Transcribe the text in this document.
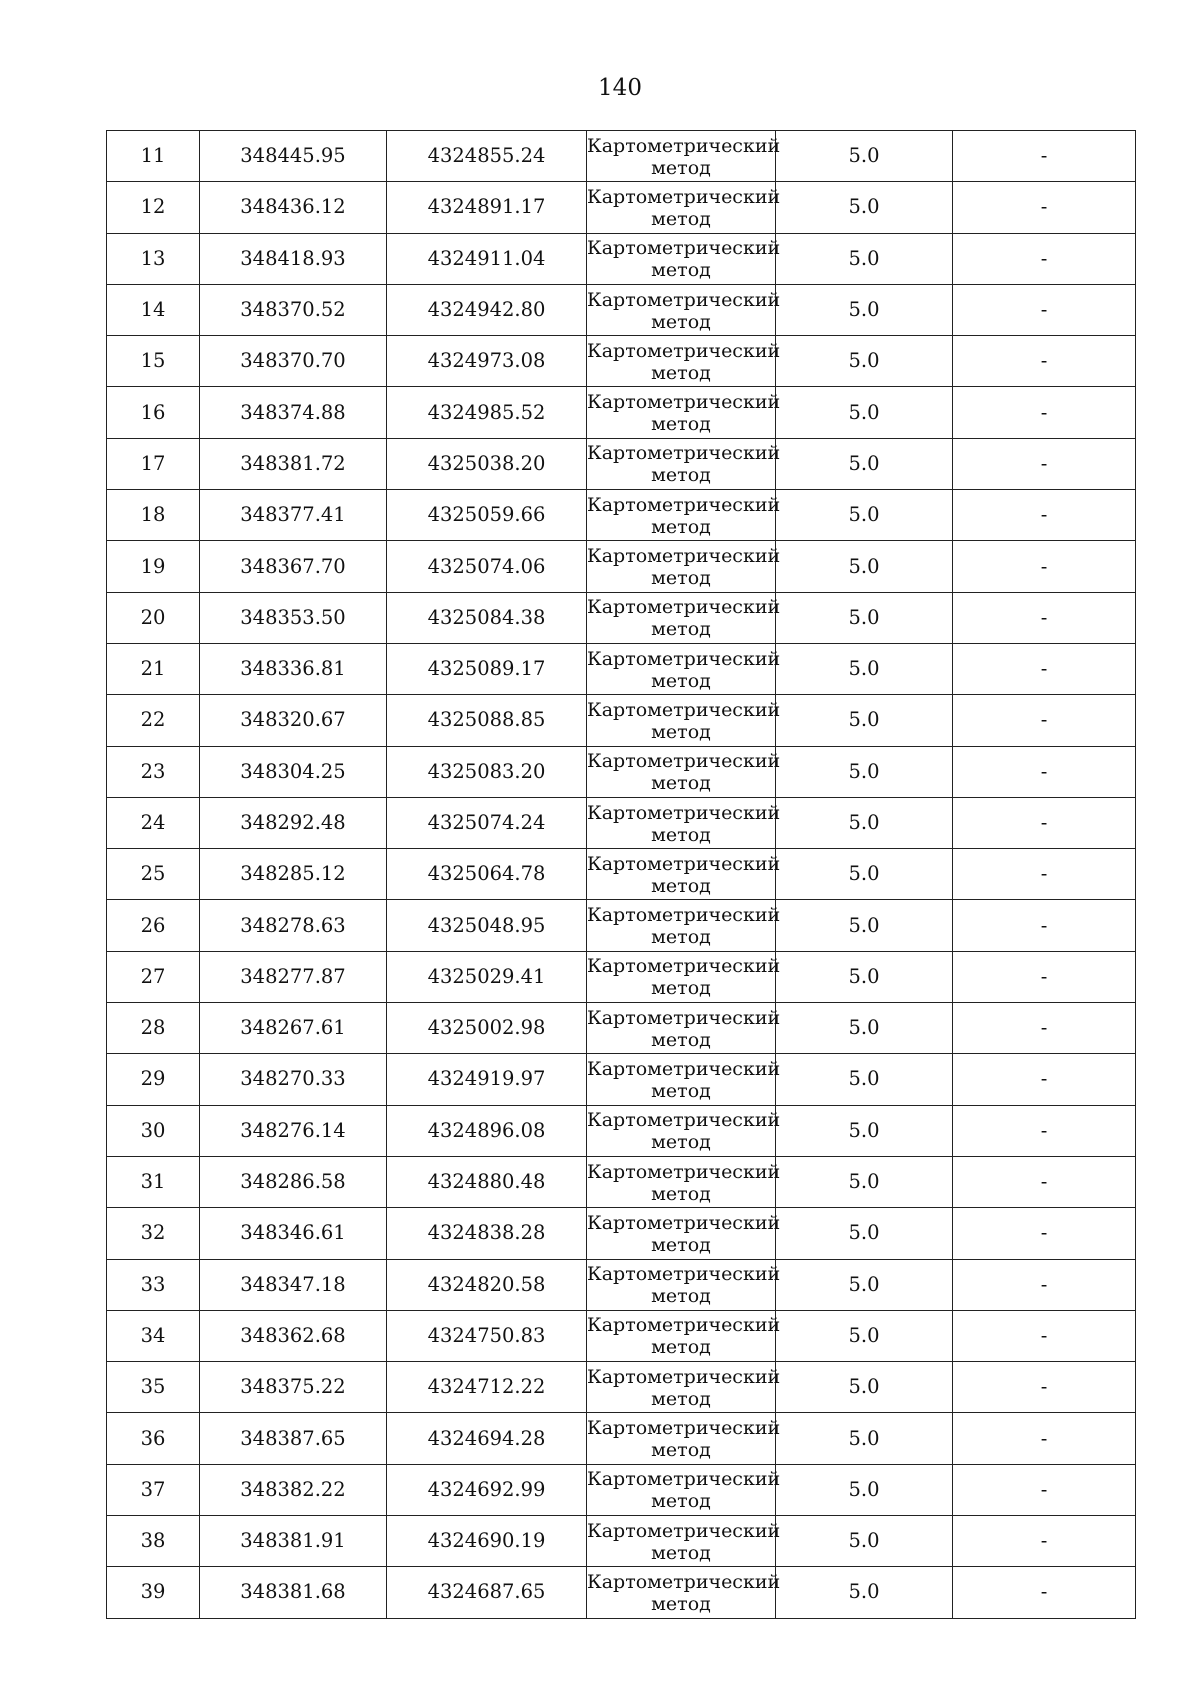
140
11	348445.95	4324855.24	Картометрический
метод	5.0	-
12	348436.12	4324891.17	Картометрический
метод	5.0	-
13	348418.93	4324911.04	Картометрический
метод	5.0	-
14	348370.52	4324942.80	Картометрический
метод	5.0	-
15	348370.70	4324973.08	Картометрический
метод	5.0	-
16	348374.88	4324985.52	Картометрический
метод	5.0	-
17	348381.72	4325038.20	Картометрический
метод	5.0	-
18	348377.41	4325059.66	Картометрический
метод	5.0	-
19	348367.70	4325074.06	Картометрический
метод	5.0	-
20	348353.50	4325084.38	Картометрический
метод	5.0	-
21	348336.81	4325089.17	Картометрический
метод	5.0	-
22	348320.67	4325088.85	Картометрический
метод	5.0	-
23	348304.25	4325083.20	Картометрический
метод	5.0	-
24	348292.48	4325074.24	Картометрический
метод	5.0	-
25	348285.12	4325064.78	Картометрический
метод	5.0	-
26	348278.63	4325048.95	Картометрический
метод	5.0	-
27	348277.87	4325029.41	Картометрический
метод	5.0	-
28	348267.61	4325002.98	Картометрический
метод	5.0	-
29	348270.33	4324919.97	Картометрический
метод	5.0	-
30	348276.14	4324896.08	Картометрический
метод	5.0	-
31	348286.58	4324880.48	Картометрический
метод	5.0	-
32	348346.61	4324838.28	Картометрический
метод	5.0	-
33	348347.18	4324820.58	Картометрический
метод	5.0	-
34	348362.68	4324750.83	Картометрический
метод	5.0	-
35	348375.22	4324712.22	Картометрический
метод	5.0	-
36	348387.65	4324694.28	Картометрический
метод	5.0	-
37	348382.22	4324692.99	Картометрический
метод	5.0	-
38	348381.91	4324690.19	Картометрический
метод	5.0	-
39	348381.68	4324687.65	Картометрический
метод	5.0	-
